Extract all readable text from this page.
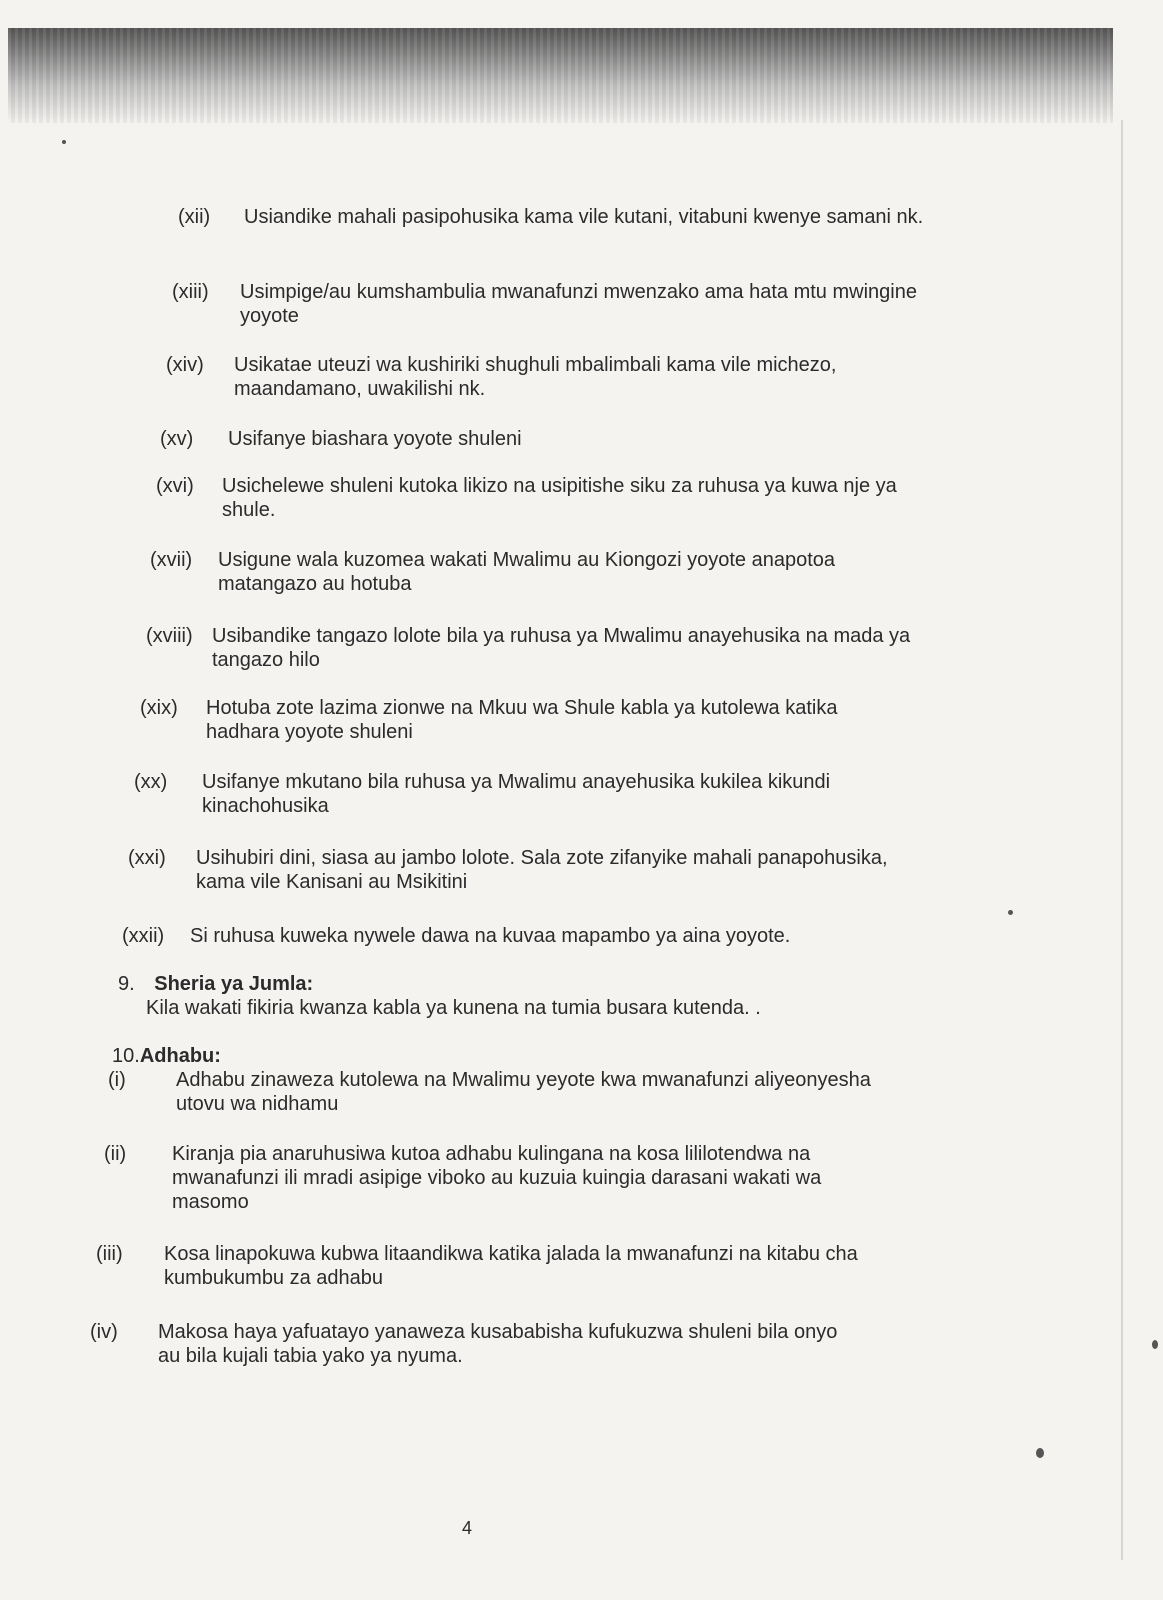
(xii) Usiandike mahali pasipohusika kama vile kutani, vitabuni kwenye samani nk.
(xiii) Usimpige/au kumshambulia mwanafunzi mwenzako ama hata mtu mwingine yoyote
(xiv) Usikatae uteuzi wa kushiriki shughuli mbalimbali kama vile michezo, maandamano, uwakilishi nk.
(xv) Usifanye biashara yoyote shuleni
(xvi) Usichelewe shuleni kutoka likizo na usipitishe siku za ruhusa ya kuwa nje ya shule.
(xvii) Usigune wala kuzomea wakati Mwalimu au Kiongozi yoyote anapotoa matangazo au hotuba
(xviii) Usibandike tangazo lolote bila ya ruhusa ya Mwalimu anayehusika na mada ya tangazo hilo
(xix) Hotuba zote lazima zionwe na Mkuu wa Shule kabla ya kutolewa katika hadhara yoyote shuleni
(xx) Usifanye mkutano bila ruhusa ya Mwalimu anayehusika kukilea kikundi kinachohusika
(xxi) Usihubiri dini, siasa au jambo lolote. Sala zote zifanyike mahali panapohusika, kama vile Kanisani au Msikitini
(xxii) Si ruhusa kuweka nywele dawa na kuvaa mapambo ya aina yoyote.
9. Sheria ya Jumla:
Kila wakati fikiria kwanza kabla ya kunena na tumia busara kutenda. .
10.Adhabu:
(i)	Adhabu zinaweza kutolewa na Mwalimu yeyote kwa mwanafunzi aliyeonyesha utovu wa nidhamu
(ii) Kiranja pia anaruhusiwa kutoa adhabu kulingana na kosa lililotendwa na mwanafunzi ili mradi asipige viboko au kuzuia kuingia darasani wakati wa masomo
(iii) Kosa linapokuwa kubwa litaandikwa katika jalada la mwanafunzi na kitabu cha kumbukumbu za adhabu
(iv) Makosa haya yafuatayo yanaweza kusababisha kufukuzwa shuleni bila onyo au bila kujali tabia yako ya nyuma.
4
